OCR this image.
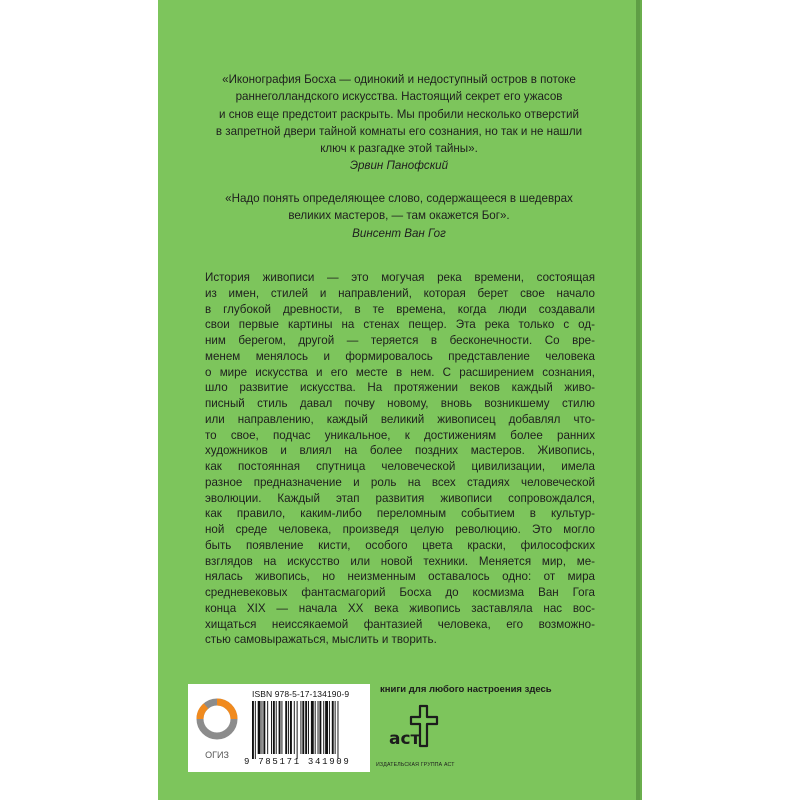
«Иконография Босха — одинокий и недоступный остров в потоке

раннеголландского искусства. Настоящий секрет его ужасов

и снов еще предстоит раскрыть. Мы пробили несколько отверстий

в запретной двери тайной комнаты его сознания, но так и не нашли

ключ к разгадке этой тайны».

Эрвин Панофский

«Надо понять определяющее слово, содержащееся в шедеврах

великих мастеров, — там окажется Бог».

Винсент Ван Гог

История живописи — это могучая река времени, состоящая
из имен, стилей и направлений, которая берет свое начало
в глубокой древности, в те времена, когда люди создавали
свои первые картины на стенах пещер. Эта река только с од-
ним берегом, другой — теряется в бесконечности. Со вре-
менем менялось и формировалось представление человека
о мире искусства и его месте в нем. С расширением сознания,
шло развитие искусства. На протяжении веков каждый живо-
писный стиль давал почву новому, вновь возникшему стилю
или направлению, каждый великий живописец добавлял что-
то свое, подчас уникальное, к достижениям более ранних
художников и влиял на более поздних мастеров. Живопись,
как постоянная спутница человеческой цивилизации, имела
разное предназначение и роль на всех стадиях человеческой
эволюции. Каждый этап развития живописи сопровождался,
как правило, каким-либо переломным событием в культур-
ной среде человека, произведя целую революцию. Это могло
быть появление кисти, особого цвета краски, философских
взглядов на искусство или новой техники. Меняется мир, ме-
нялась живопись, но неизменным оставалось одно: от мира
средневековых фантасмагорий Босха до космизма Ван Гога
конца XIX — начала XX века живопись заставляла нас вос-
хищаться неиссякаемой фантазией человека, его возможно-
стью самовыражаться, мыслить и творить.
ОГИЗ
ISBN 978-5-17-134190-9
9 785171 341909
книги для любого настроения здесь
аст
ИЗДАТЕЛЬСКАЯ ГРУППА АСТ
